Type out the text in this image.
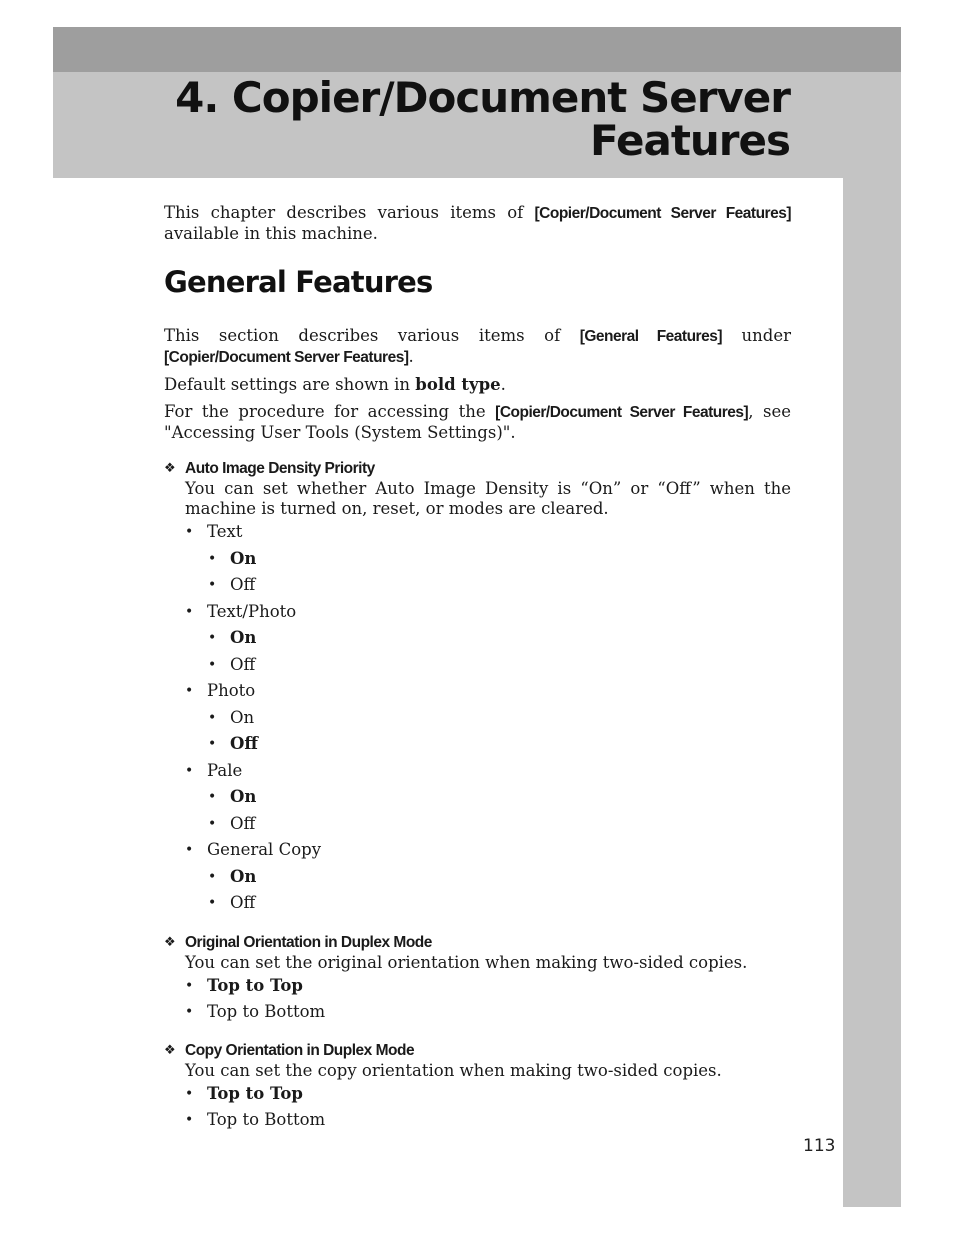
4. Copier/Document Server
Features

This chapter describes various items of [Copier/Document Server Features] available in this machine.

General Features

This section describes various items of [General Features] under [Copier/Document Server Features].

Default settings are shown in bold type.

For the procedure for accessing the [Copier/Document Server Features], see "Accessing User Tools (System Settings)".

❖ Auto Image Density Priority

You can set whether Auto Image Density is “On” or “Off” when the machine is turned on, reset, or modes are cleared.

• Text
• On
• Off
• Text/Photo
• On
• Off
• Photo
• On
• Off
• Pale
• On
• Off
• General Copy
• On
• Off
❖ Original Orientation in Duplex Mode

You can set the original orientation when making two-sided copies.

• Top to Top
• Top to Bottom
❖ Copy Orientation in Duplex Mode

You can set the copy orientation when making two-sided copies.

• Top to Top
• Top to Bottom
113
